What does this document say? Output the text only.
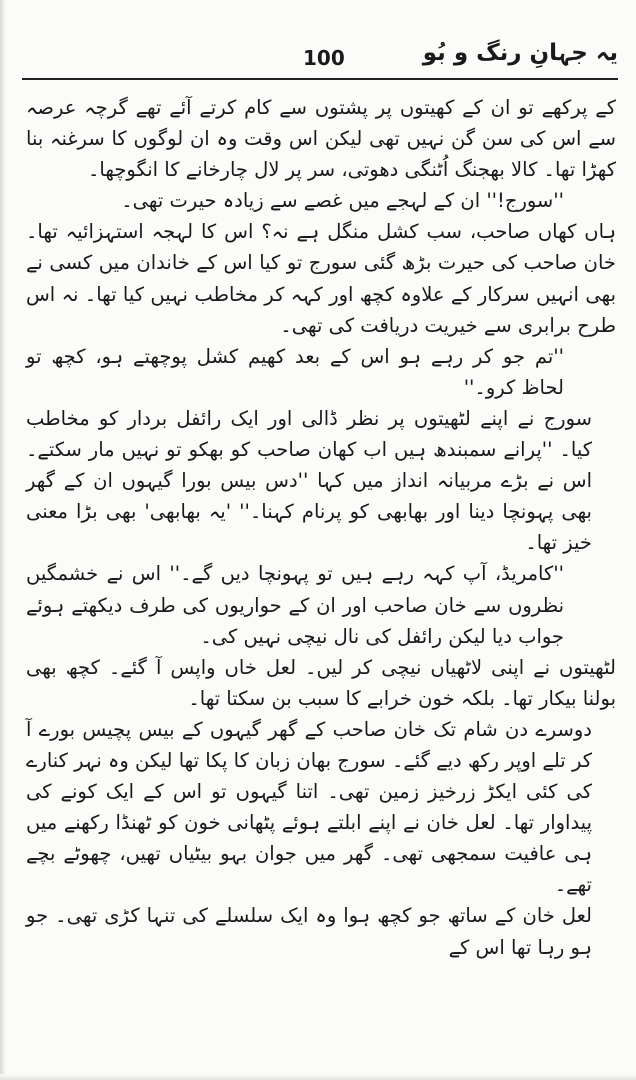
100	یہ جہانِ رنگ و بُو

کے پرکھے تو ان کے کھیتوں پر پشتوں سے کام کرتے آئے تھے گرچہ عرصہ سے اس کی سن گن نہیں تھی لیکن اس وقت وہ ان لوگوں کا سرغنہ بنا کھڑا تھا۔ کالا بھجنگ اُٹنگی دھوتی، سر پر لال چارخانے کا انگوچھا۔

''سورج!'' ان کے لہجے میں غصے سے زیادہ حیرت تھی۔

ہاں کھاں صاحب، سب کشل منگل ہے نہ؟ اس کا لہجہ استہزائیہ تھا۔ خان صاحب کی حیرت بڑھ گئی سورج تو کیا اس کے خاندان میں کسی نے بھی انہیں سرکار کے علاوہ کچھ اور کہہ کر مخاطب نہیں کیا تھا۔ نہ اس طرح برابری سے خیریت دریافت کی تھی۔

''تم جو کر رہے ہو اس کے بعد کھیم کشل پوچھتے ہو، کچھ تو لحاظ کرو۔''

سورج نے اپنے لٹھیتوں پر نظر ڈالی اور ایک رائفل بردار کو مخاطب کیا۔ ''پرانے سمبندھ ہیں اب کھان صاحب کو بھکو تو نہیں مار سکتے۔ اس نے بڑے مربیانہ انداز میں کہا ''دس بیس بورا گیہوں ان کے گھر بھی پہونچا دینا اور بھابھی کو پرنام کہنا۔'' 'یہ بھابھی' بھی بڑا معنی خیز تھا۔

''کامریڈ، آپ کہہ رہے ہیں تو پہونچا دیں گے۔'' اس نے خشمگیں نظروں سے خان صاحب اور ان کے حواریوں کی طرف دیکھتے ہوئے جواب دیا لیکن رائفل کی نال نیچی نہیں کی۔

لٹھیتوں نے اپنی لاٹھیاں نیچی کر لیں۔ لعل خاں واپس آ گئے۔ کچھ بھی بولنا بیکار تھا۔ بلکہ خون خرابے کا سبب بن سکتا تھا۔

دوسرے دن شام تک خان صاحب کے گھر گیہوں کے بیس پچیس بورے آ کر تلے اوپر رکھ دیے گئے۔ سورج بھان زبان کا پکا تھا لیکن وہ نہر کنارے کی کئی ایکڑ زرخیز زمین تھی۔ اتنا گیہوں تو اس کے ایک کونے کی پیداوار تھا۔ لعل خان نے اپنے ابلتے ہوئے پٹھانی خون کو ٹھنڈا رکھنے میں ہی عافیت سمجھی تھی۔ گھر میں جوان بہو بیٹیاں تھیں، چھوٹے بچے تھے۔

لعل خان کے ساتھ جو کچھ ہوا وہ ایک سلسلے کی تنہا کڑی تھی۔ جو ہو رہا تھا اس کے
